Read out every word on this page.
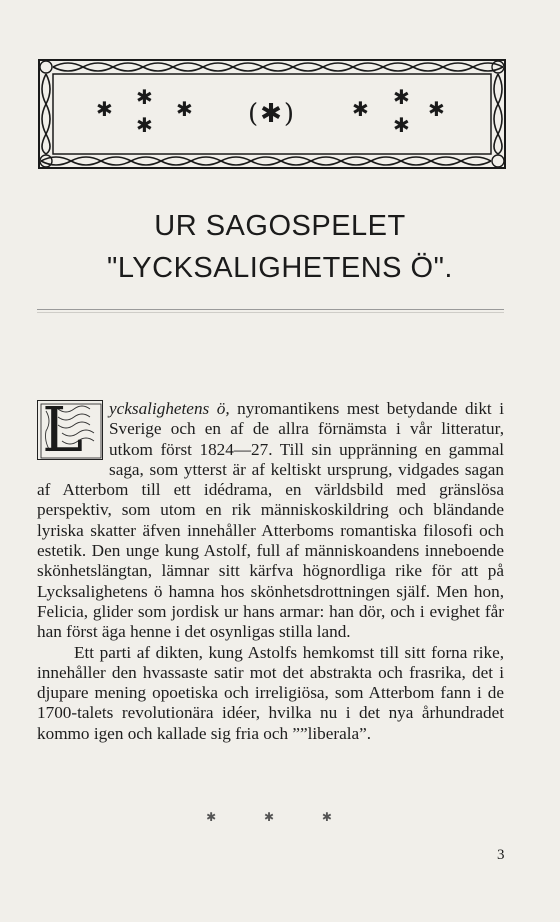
(✱)
✱ ✱
✱
✱	✱ ✱
✱
✱
UR SAGOSPELET
"LYCKSALIGHETENS Ö".

L ycksalighetens ö, nyromantikens mest betydande dikt i Sverige och en af de allra förnämsta i vår litteratur, utkom först 1824—27. Till sin uppränning en gammal saga, som ytterst är af keltiskt ursprung, vidgades sagan af Atterbom till ett idédrama, en världsbild med gränslösa perspektiv, som utom en rik människoskildring och bländande lyriska skatter äfven innehåller Atterboms romantiska filosofi och estetik. Den unge kung Astolf, full af människoandens inneboende skönhetslängtan, lämnar sitt kärfva högnordliga rike för att på Lycksalighetens ö hamna hos skönhetsdrottningen själf. Men hon, Felicia, glider som jordisk ur hans armar: han dör, och i evighet får han först äga henne i det osynligas stilla land.

Ett parti af dikten, kung Astolfs hemkomst till sitt forna rike, innehåller den hvassaste satir mot det abstrakta och frasrika, det i djupare mening opoetiska och irreligiösa, som Atterbom fann i de 1700-talets revolutionära idéer, hvilka nu i det nya århundradet kommo igen och kallade sig fria och ””liberala”.

✱ ✱ ✱
3
